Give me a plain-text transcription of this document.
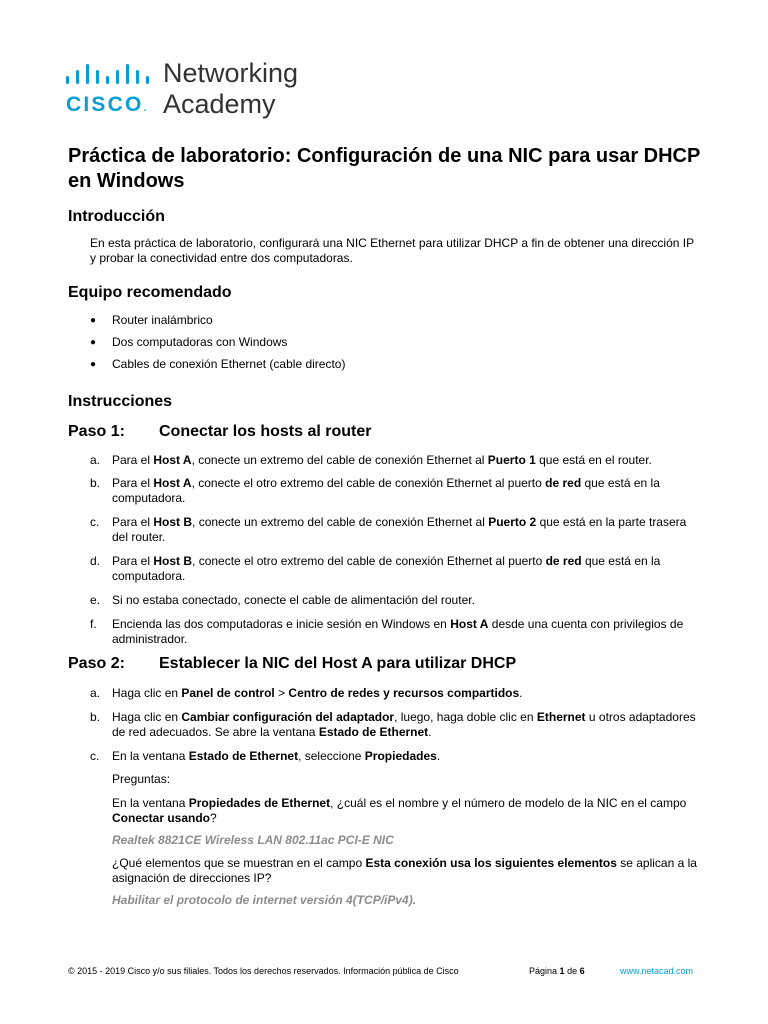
CISCO.
Networking
Academy
Práctica de laboratorio: Configuración de una NIC para usar DHCP en Windows
Introducción

En esta práctica de laboratorio, configurará una NIC Ethernet para utilizar DHCP a fin de obtener una dirección IP y probar la conectividad entre dos computadoras.

Equipo recomendado
● Router inalámbrico
● Dos computadoras con Windows
● Cables de conexión Ethernet (cable directo)
Instrucciones
Paso 1: Conectar los hosts al router
a. Para el Host A, conecte un extremo del cable de conexión Ethernet al Puerto 1 que está en el router.
b. Para el Host A, conecte el otro extremo del cable de conexión Ethernet al puerto de red que está en la computadora.
c.	Para el Host B, conecte un extremo del cable de conexión Ethernet al Puerto 2 que está en la parte trasera del router.
d. Para el Host B, conecte el otro extremo del cable de conexión Ethernet al puerto de red que está en la computadora.
e. Si no estaba conectado, conecte el cable de alimentación del router.
f.	Encienda las dos computadoras e inicie sesión en Windows en Host A desde una cuenta con privilegios de administrador.
Paso 2: Establecer la NIC del Host A para utilizar DHCP
a. Haga clic en Panel de control > Centro de redes y recursos compartidos.
b. Haga clic en Cambiar configuración del adaptador, luego, haga doble clic en Ethernet u otros adaptadores de red adecuados. Se abre la ventana Estado de Ethernet.
c.	En la ventana Estado de Ethernet, seleccione Propiedades.

Preguntas:

En la ventana Propiedades de Ethernet, ¿cuál es el nombre y el número de modelo de la NIC en el campo Conectar usando?

Realtek 8821CE Wireless LAN 802.11ac PCI-E NIC

¿Qué elementos que se muestran en el campo Esta conexión usa los siguientes elementos se aplican a la asignación de direcciones IP?

Habilitar el protocolo de internet versión 4(TCP/iPv4).

© 2015 - 2019 Cisco y/o sus filiales. Todos los derechos reservados. Información pública de Cisco	Página 1 de 6	www.netacad.com
